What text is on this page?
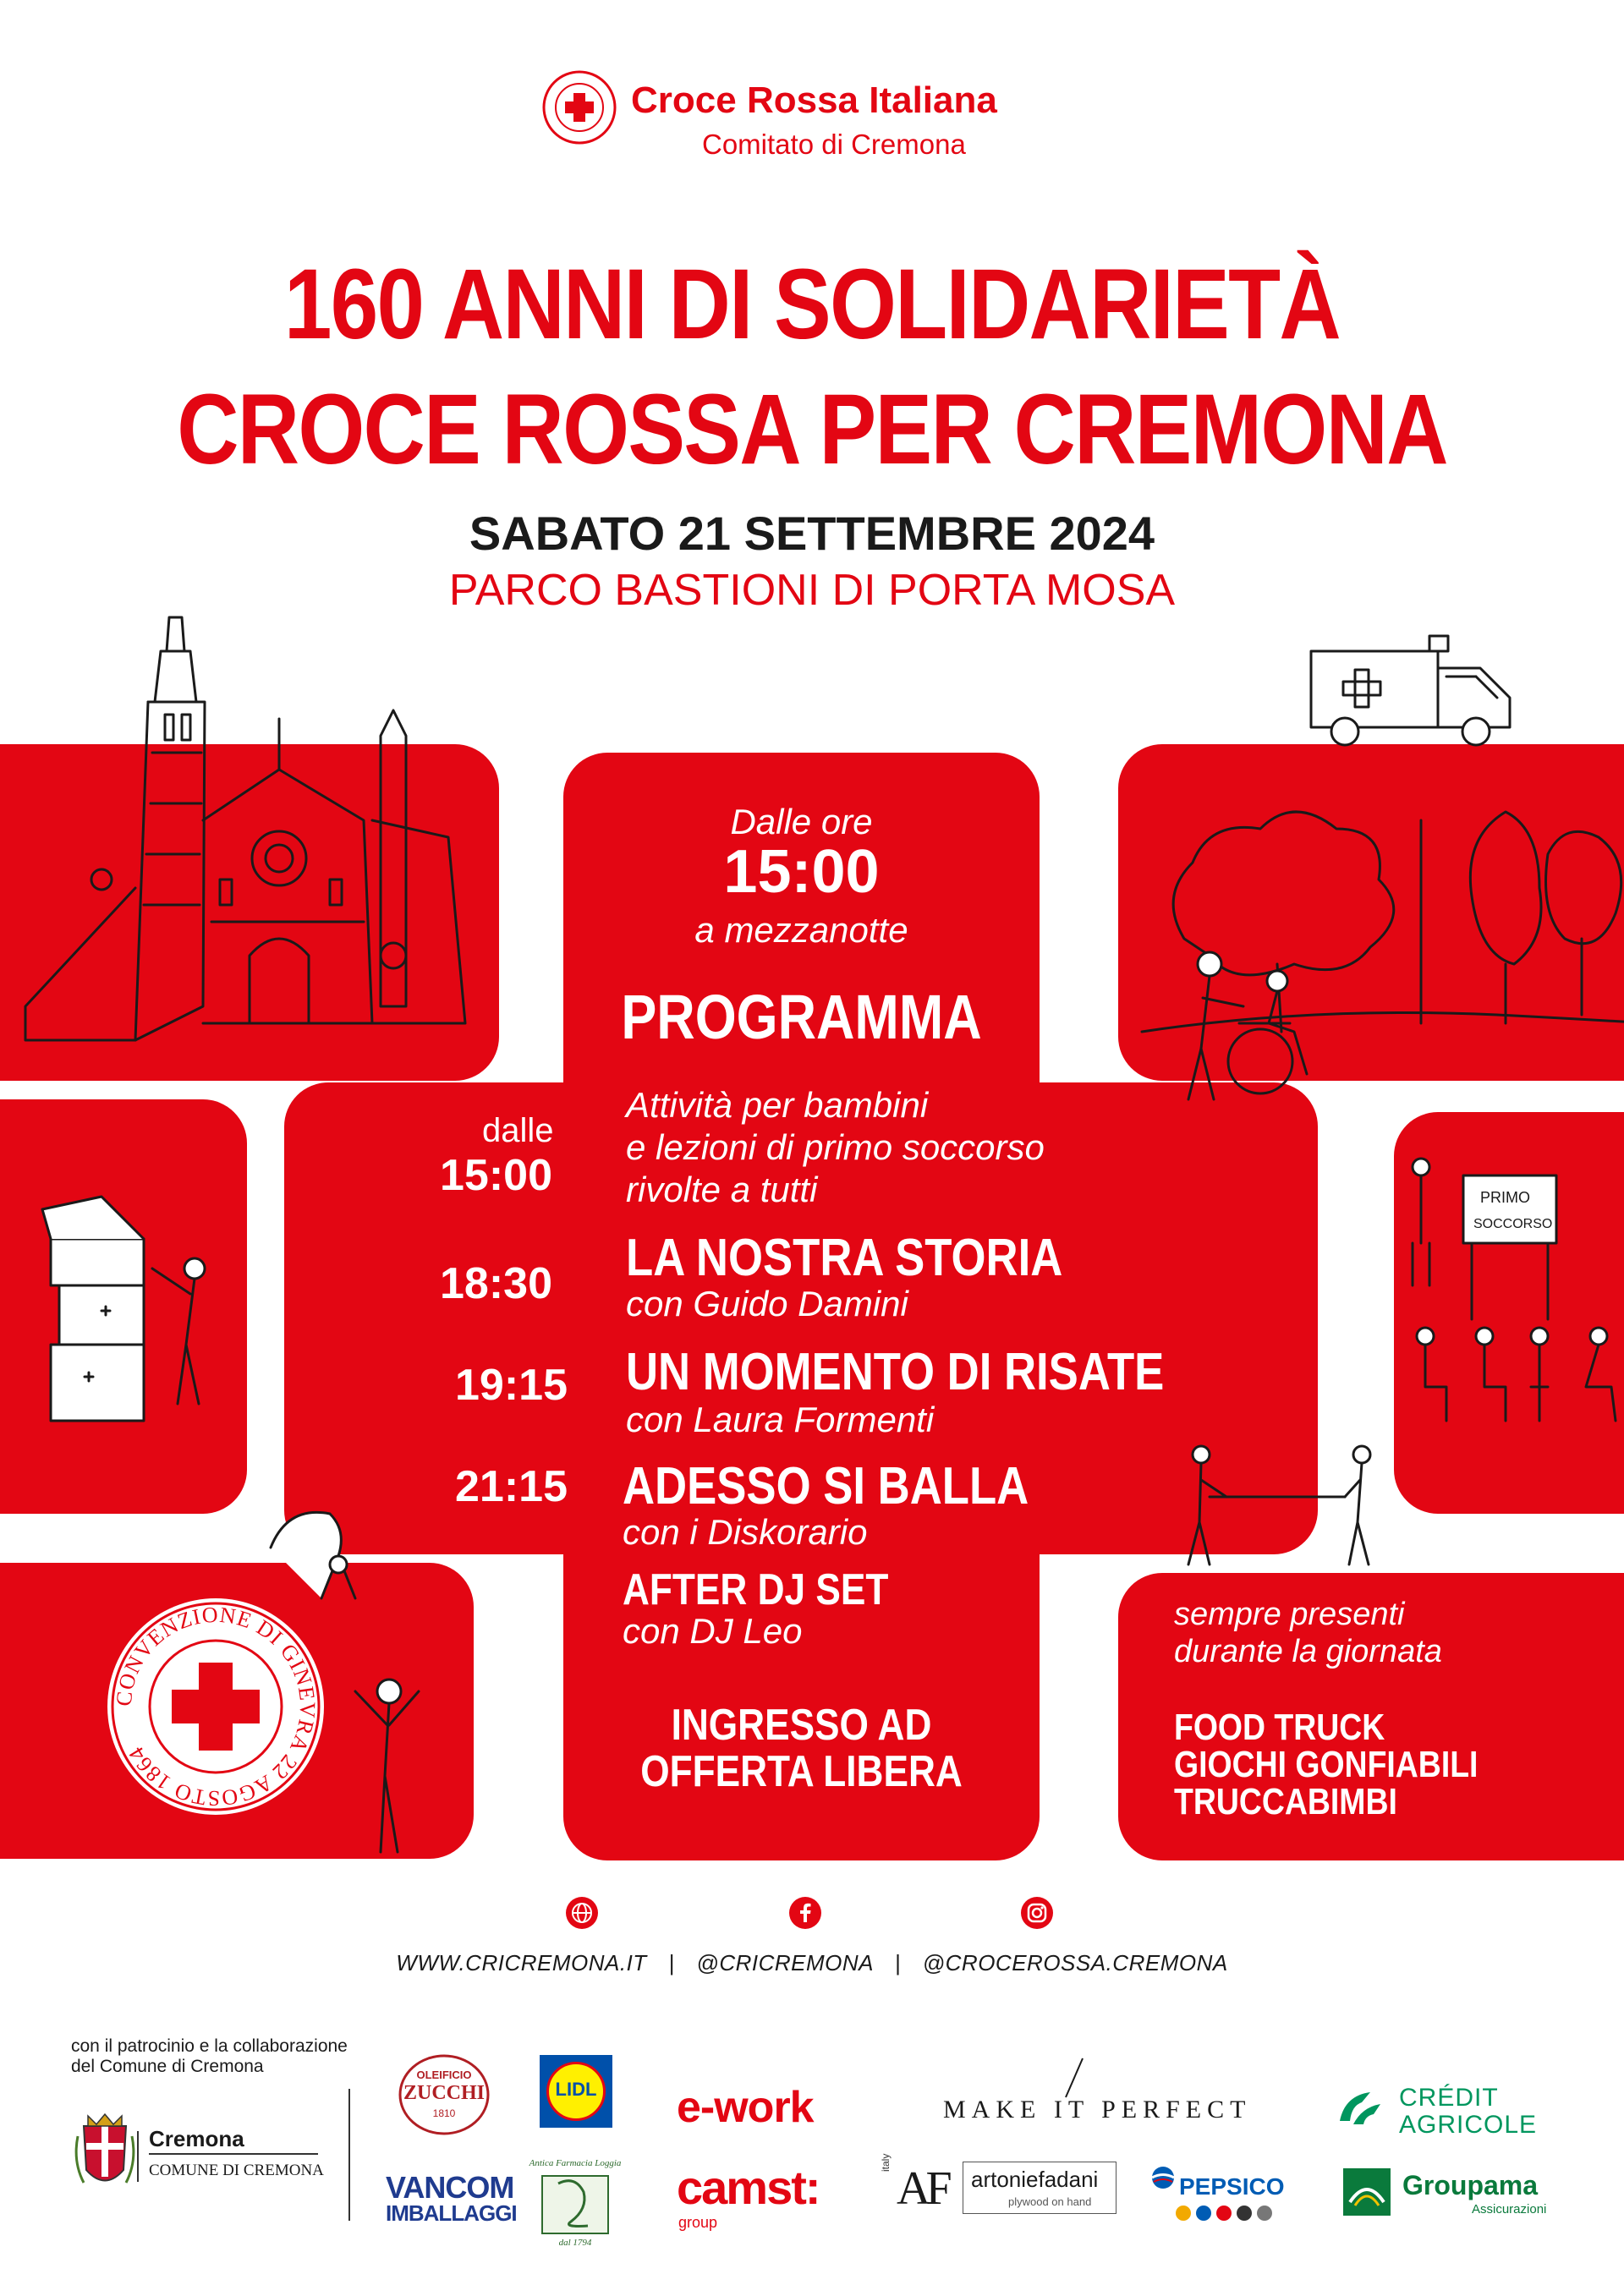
Croce Rossa Italiana
Comitato di Cremona
160 ANNI DI SOLIDARIETÀ
CROCE ROSSA PER CREMONA
SABATO 21 SETTEMBRE 2024
PARCO BASTIONI DI PORTA MOSA
PRIMO
SOCCORSO
CONVENZIONE DI GINEVRA 22 AGOSTO 1864
Dalle ore
15:00
a mezzanotte
PROGRAMMA
dalle
15:00
Attività per bambini
e lezioni di primo soccorso
rivolte a tutti
18:30 LA NOSTRA STORIA
con Guido Damini
19:15 UN MOMENTO DI RISATE
con Laura Formenti
21:15 ADESSO SI BALLA
con i Diskorario
AFTER DJ SET
con DJ Leo
INGRESSO AD
OFFERTA LIBERA
sempre presenti
durante la giornata
FOOD TRUCK
GIOCHI GONFIABILI
TRUCCABIMBI
WWW.CRICREMONA.IT | @CRICREMONA | @CROCEROSSA.CREMONA
con il patrocinio e la collaborazione
del Comune di Cremona
Cremona
COMUNE DI CREMONA
OLEIFICIO
ZUCCHI
1810
LIDL	e-work	MAKE IT PERFECT	CRÉDIT
AGRICOLE
VANCOM
IMBALLAGGI
Antica Farmacia Loggia
dal 1794
camst:
group
italy AF artoniefadani
plywood on hand
PEPSICO	Groupama
Assicurazioni
